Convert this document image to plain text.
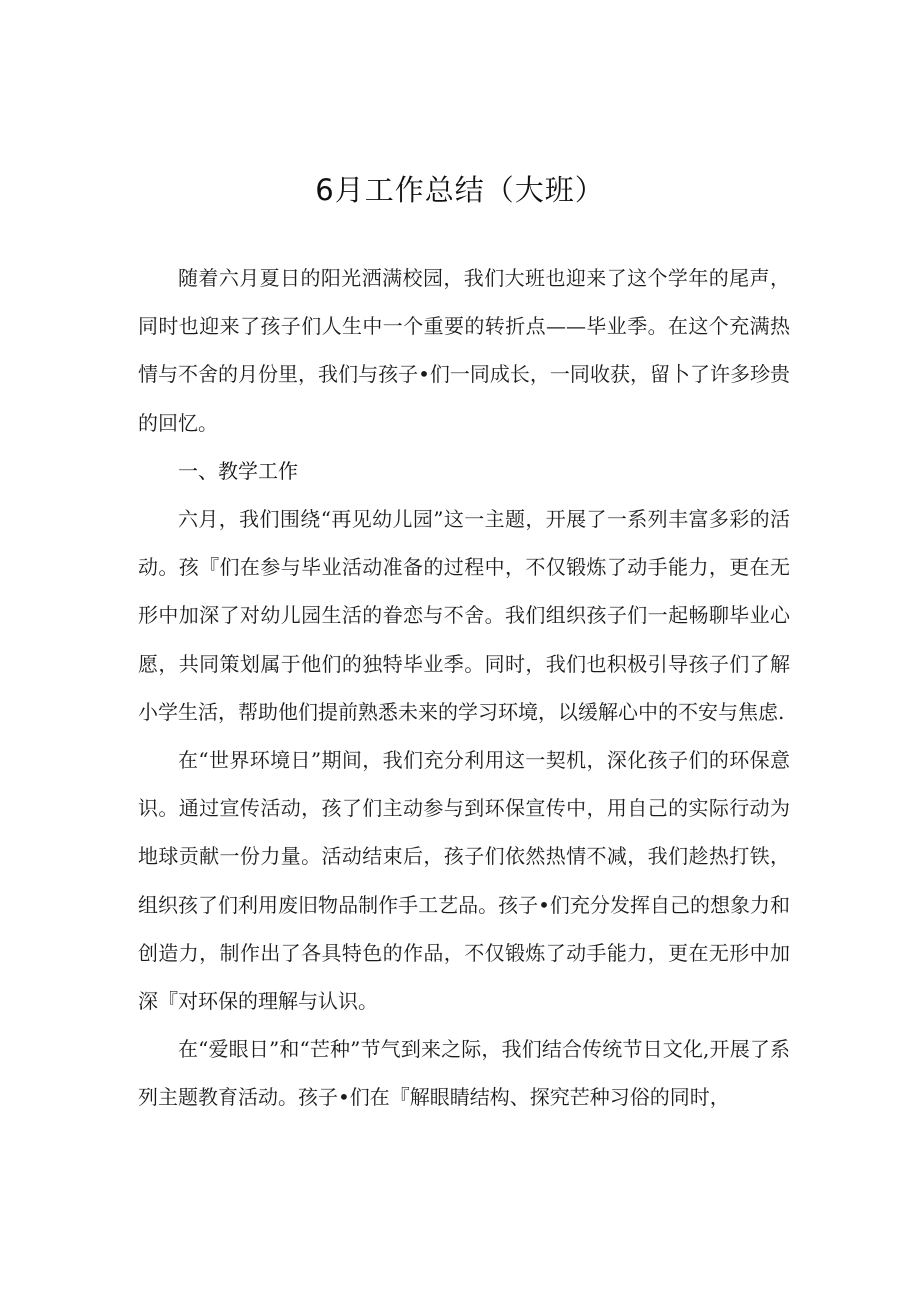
6月工作总结（大班）

随着六月夏日的阳光洒满校园，我们大班也迎来了这个学年的尾声，同时也迎来了孩子们人生中一个重要的转折点——毕业季。在这个充满热情与不舍的月份里，我们与孩子•们一同成长，一同收获，留卜了许多珍贵的回忆。

一、教学工作

六月，我们围绕“再见幼儿园”这一主题，开展了一系列丰富多彩的活动。孩『们在参与毕业活动准备的过程中，不仅锻炼了动手能力，更在无形中加深了对幼儿园生活的眷恋与不舍。我们组织孩子们一起畅聊毕业心愿，共同策划属于他们的独特毕业季。同时，我们也积极引导孩子们了解小学生活，帮助他们提前熟悉未来的学习环境，以缓解心中的不安与焦虑.

在“世界环境日”期间，我们充分利用这一契机，深化孩子们的环保意识。通过宣传活动，孩了们主动参与到环保宣传中，用自己的实际行动为地球贡献一份力量。活动结束后，孩子们依然热情不减，我们趁热打铁，组织孩了们利用废旧物品制作手工艺品。孩子•们充分发挥自己的想象力和创造力，制作出了各具特色的作品，不仅锻炼了动手能力，更在无形中加深『对环保的理解与认识。

在“爱眼日”和“芒种”节气到来之际，我们结合传统节日文化,开展了系列主题教育活动。孩子•们在『解眼睛结构、探究芒种习俗的同时，
